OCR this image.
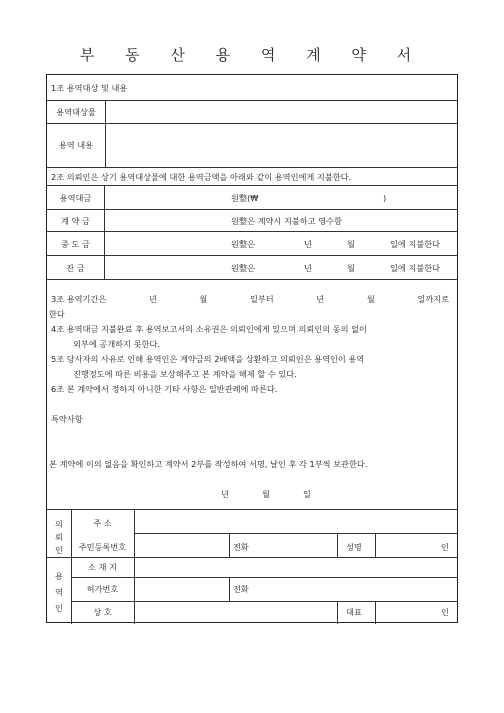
부 동 산 용 역 계 약 서
1조 용역대상 및 내용
용역대상물
용역 내용
2조 의뢰인은 상기 용역대상물에 대한 용역금액을 아래와 같이 용역인에게 지불한다.
용역대금	원整(₩	)
계 약 금	원整은 계약시 지불하고 영수함
중 도 금	원整은	년	월	일에 지불한다
잔 금	원整은	년	월	일에 지불한다
3조 용역기간은	년	월	일부터	년	월	일까지로
한다
4조 용역대금 지불완료 후 용역보고서의 소유권은 의뢰인에게 있으며 의뢰인의 동의 없이
외부에 공개하지 못한다.
5조 당사자의 사유로 인해 용역인은 계약금의 2배액을 상환하고 의뢰인은 용역인이 용역
진행정도에 따른 비용을 보상해주고 본 계약을 해제 할 수 있다.
6조 본 계약에서 정하지 아니한 기타 사항은 일반관례에 따른다.
특약사항
본 계약에 이의 없음을 확인하고 계약서 2부를 작성하여 서명, 날인 후 각 1부씩 보관한다.
년	월	일
의
뢰
인
주 소
주민등록번호	전화	성명	인
용
역
인
소 재 지
허가번호	전화
상 호	대표	인
